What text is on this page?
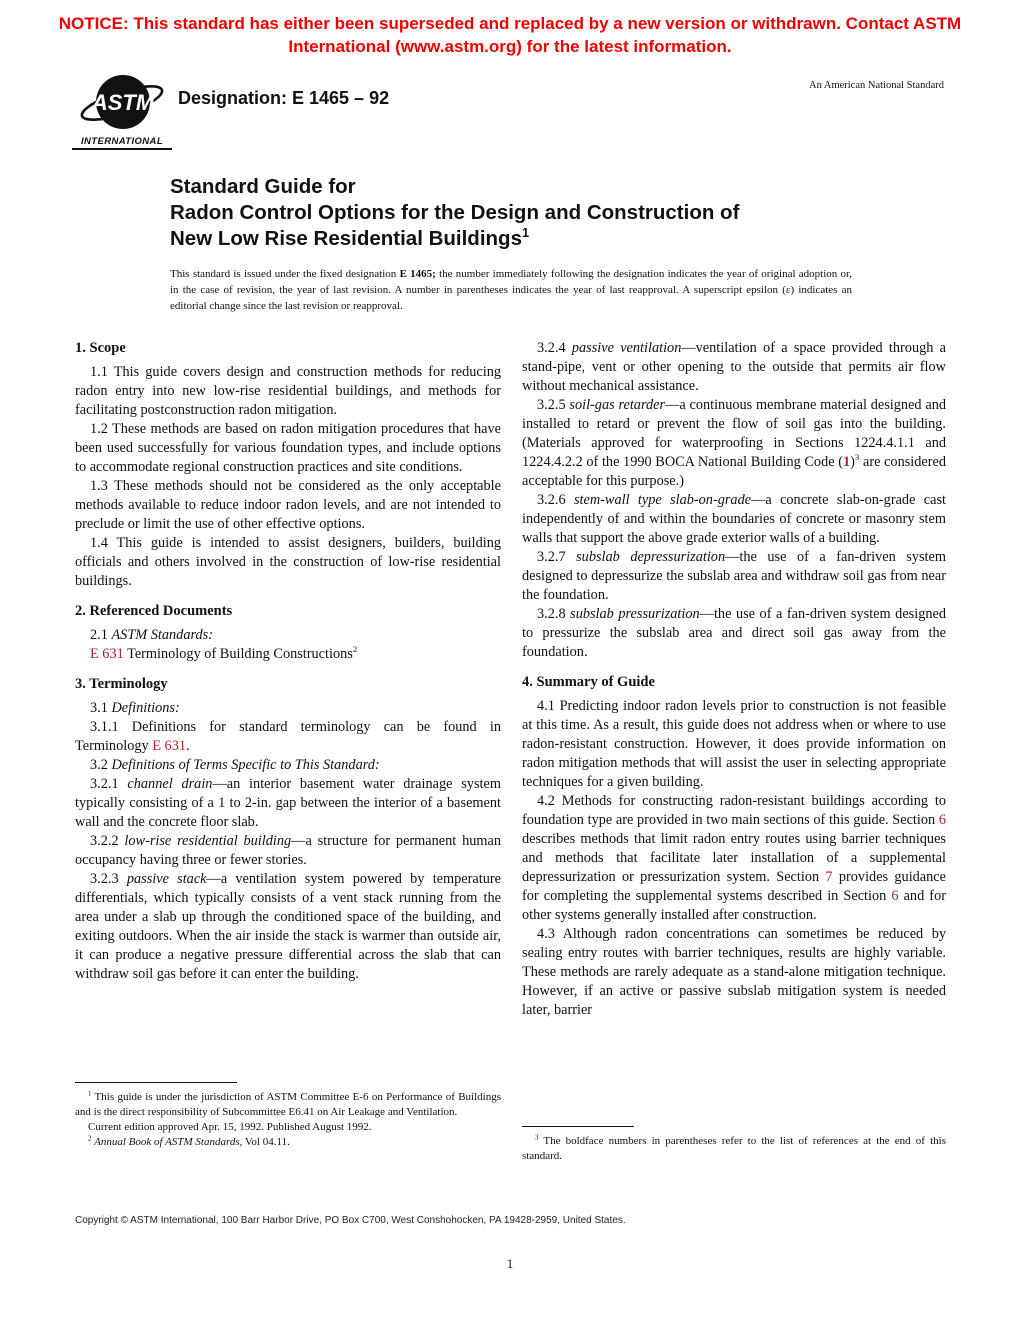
NOTICE: This standard has either been superseded and replaced by a new version or withdrawn. Contact ASTM
International (www.astm.org) for the latest information.
ASTM
INTERNATIONAL
Designation: E 1465 – 92
An American National Standard
Standard Guide for
Radon Control Options for the Design and Construction of
New Low Rise Residential Buildings$^1$
This standard is issued under the fixed designation E 1465; the number immediately following the designation indicates the year of original adoption or, in the case of revision, the year of last revision. A number in parentheses indicates the year of last reapproval. A superscript epsilon (ε) indicates an editorial change since the last revision or reapproval.
1. Scope
1.1 This guide covers design and construction methods for reducing radon entry into new low-rise residential buildings, and methods for facilitating postconstruction radon mitigation.
1.2 These methods are based on radon mitigation procedures that have been used successfully for various foundation types, and include options to accommodate regional construction practices and site conditions.
1.3 These methods should not be considered as the only acceptable methods available to reduce indoor radon levels, and are not intended to preclude or limit the use of other effective options.
1.4 This guide is intended to assist designers, builders, building officials and others involved in the construction of low-rise residential buildings.
2. Referenced Documents
2.1 ASTM Standards:
E 631 Terminology of Building Constructions$^2$
3. Terminology
3.1 Definitions:
3.1.1 Definitions for standard terminology can be found in Terminology E 631.
3.2 Definitions of Terms Specific to This Standard:
3.2.1 channel drain—an interior basement water drainage system typically consisting of a 1 to 2-in. gap between the interior of a basement wall and the concrete floor slab.
3.2.2 low-rise residential building—a structure for permanent human occupancy having three or fewer stories.
3.2.3 passive stack—a ventilation system powered by temperature differentials, which typically consists of a vent stack running from the area under a slab up through the conditioned space of the building, and exiting outdoors. When the air inside the stack is warmer than outside air, it can produce a negative pressure differential across the slab that can withdraw soil gas before it can enter the building.
3.2.4 passive ventilation—ventilation of a space provided through a stand-pipe, vent or other opening to the outside that permits air flow without mechanical assistance.
3.2.5 soil-gas retarder—a continuous membrane material designed and installed to retard or prevent the flow of soil gas into the building. (Materials approved for waterproofing in Sections 1224.4.1.1 and 1224.4.2.2 of the 1990 BOCA National Building Code $(1)^3$ are considered acceptable for this purpose.)
3.2.6 stem-wall type slab-on-grade—a concrete slab-on-grade cast independently of and within the boundaries of concrete or masonry stem walls that support the above grade exterior walls of a building.
3.2.7 subslab depressurization—the use of a fan-driven system designed to depressurize the subslab area and withdraw soil gas from near the foundation.
3.2.8 subslab pressurization—the use of a fan-driven system designed to pressurize the subslab area and direct soil gas away from the foundation.
4. Summary of Guide
4.1 Predicting indoor radon levels prior to construction is not feasible at this time. As a result, this guide does not address when or where to use radon-resistant construction. However, it does provide information on radon mitigation methods that will assist the user in selecting appropriate techniques for a given building.
4.2 Methods for constructing radon-resistant buildings according to foundation type are provided in two main sections of this guide. Section 6 describes methods that limit radon entry routes using barrier techniques and methods that facilitate later installation of a supplemental depressurization or pressurization system. Section 7 provides guidance for completing the supplemental systems described in Section 6 and for other systems generally installed after construction.
4.3 Although radon concentrations can sometimes be reduced by sealing entry routes with barrier techniques, results are highly variable. These methods are rarely adequate as a stand-alone mitigation technique. However, if an active or passive subslab mitigation system is needed later, barrier
$^1$ This guide is under the jurisdiction of ASTM Committee E-6 on Performance of Buildings and is the direct responsibility of Subcommittee E6.41 on Air Leakage and Ventilation.
Current edition approved Apr. 15, 1992. Published August 1992.
$^2$ Annual Book of ASTM Standards, Vol 04.11.	$^3$ The boldface numbers in parentheses refer to the list of references at the end of this standard.
Copyright © ASTM International, 100 Barr Harbor Drive, PO Box C700, West Conshohocken, PA 19428-2959, United States.
1
